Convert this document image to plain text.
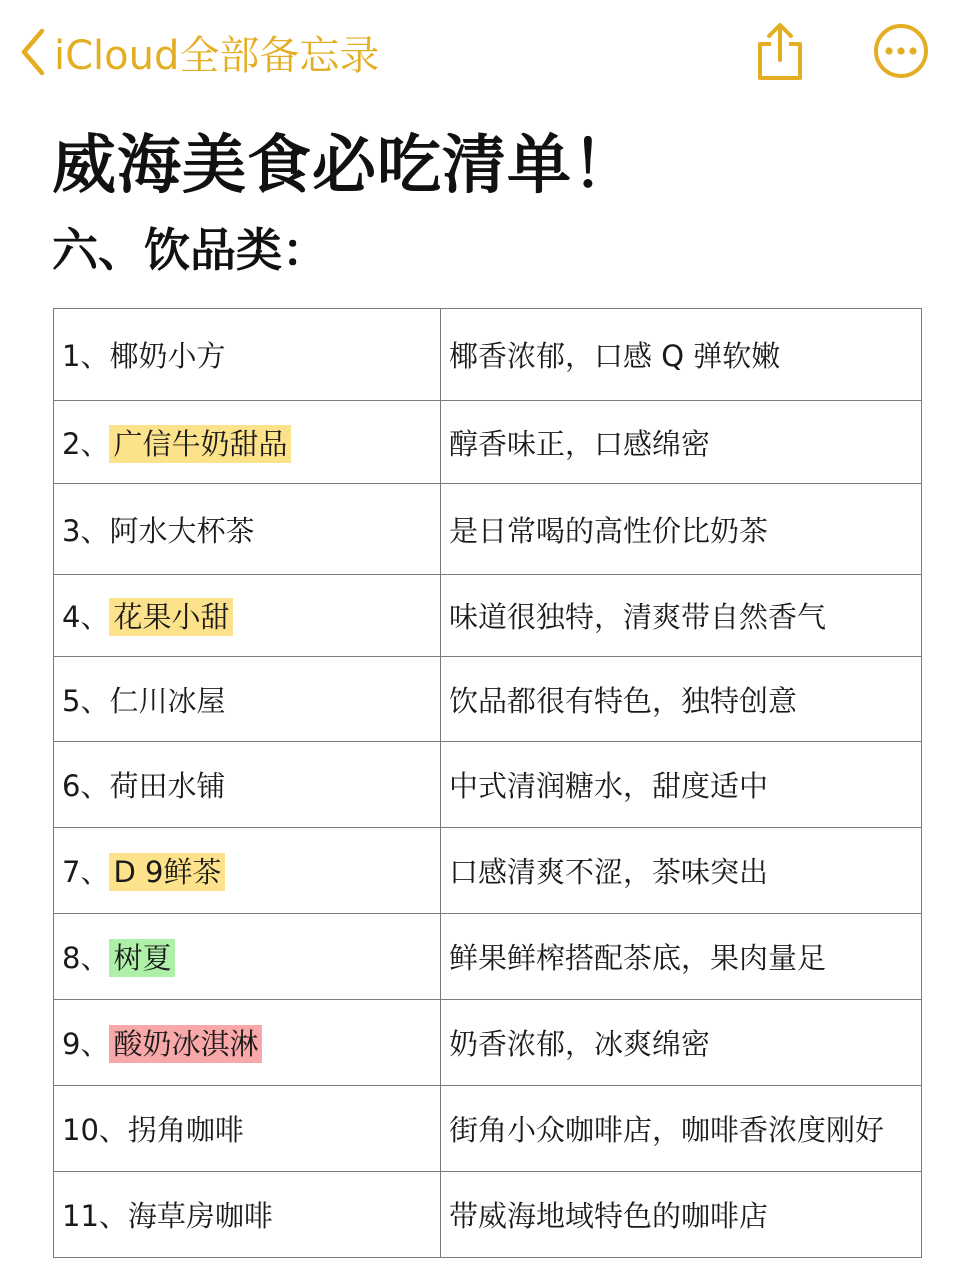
iCloud全部备忘录
威海美食必吃清单！
六、饮品类：
1、椰奶小方	椰香浓郁，口感 Q 弹软嫩
2、 广信牛奶甜品	醇香味正，口感绵密
3、阿水大杯茶	是日常喝的高性价比奶茶
4、 花果小甜	味道很独特，清爽带自然香气
5、仁川冰屋	饮品都很有特色，独特创意
6、荷田水铺	中式清润糖水，甜度适中
7、 D 9鲜茶	口感清爽不涩，茶味突出
8、 树夏	鲜果鲜榨搭配茶底，果肉量足
9、 酸奶冰淇淋	奶香浓郁，冰爽绵密
10、拐角咖啡	街角小众咖啡店，咖啡香浓度刚好
11、海草房咖啡	带威海地域特色的咖啡店
